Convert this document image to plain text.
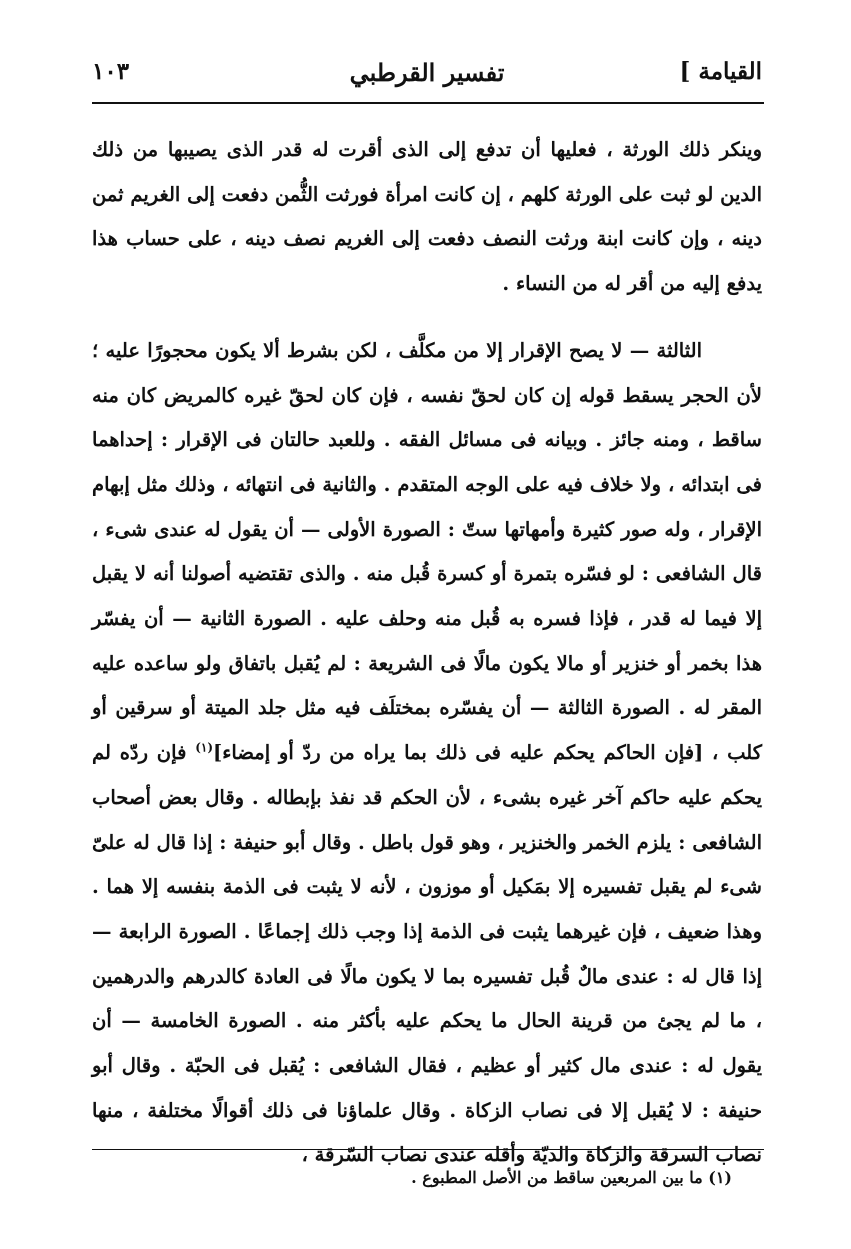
القيامة ]
تفسير القرطبي
١٠٣

وينكر ذلك الورثة ، فعليها أن تدفع إلى الذى أقرت له قدر الذى يصيبها من ذلك الدين لو ثبت على الورثة كلهم ، إن كانت امرأة فورثت الثُّمن دفعت إلى الغريم ثمن دينه ، وإن كانت ابنة ورثت النصف دفعت إلى الغريم نصف دينه ، على حساب هذا يدفع إليه من أقر له من النساء .

الثالثة — لا يصح الإقرار إلا من مكلَّف ، لكن بشرط ألا يكون محجورًا عليه ؛ لأن الحجر يسقط قوله إن كان لحقّ نفسه ، فإن كان لحقّ غيره كالمريض كان منه ساقط ، ومنه جائز . وبيانه فى مسائل الفقه . وللعبد حالتان فى الإقرار : إحداهما فى ابتدائه ، ولا خلاف فيه على الوجه المتقدم . والثانية فى انتهائه ، وذلك مثل إبهام الإقرار ، وله صور كثيرة وأمهاتها ستّ : الصورة الأولى — أن يقول له عندى شىء ، قال الشافعى : لو فسّره بتمرة أو كسرة قُبل منه . والذى تقتضيه أصولنا أنه لا يقبل إلا فيما له قدر ، فإذا فسره به قُبل منه وحلف عليه . الصورة الثانية — أن يفسّر هذا بخمر أو خنزير أو مالا يكون مالًا فى الشريعة : لم يُقبل باتفاق ولو ساعده عليه المقر له . الصورة الثالثة — أن يفسّره بمختلَف فيه مثل جلد الميتة أو سرقين أو كلب ، [فإن الحاكم يحكم عليه فى ذلك بما يراه من ردّ أو إمضاء]$^{(١)}$ فإن ردّه لم يحكم عليه حاكم آخر غيره بشىء ، لأن الحكم قد نفذ بإبطاله . وقال بعض أصحاب الشافعى : يلزم الخمر والخنزير ، وهو قول باطل . وقال أبو حنيفة : إذا قال له علىّ شىء لم يقبل تفسيره إلا بمَكيل أو موزون ، لأنه لا يثبت فى الذمة بنفسه إلا هما . وهذا ضعيف ، فإن غيرهما يثبت فى الذمة إذا وجب ذلك إجماعًا . الصورة الرابعة — إذا قال له : عندى مالٌ قُبل تفسيره بما لا يكون مالًا فى العادة كالدرهم والدرهمين ، ما لم يجئ من قرينة الحال ما يحكم عليه بأكثر منه . الصورة الخامسة — أن يقول له : عندى مال كثير أو عظيم ، فقال الشافعى : يُقبل فى الحبّة . وقال أبو حنيفة : لا يُقبل إلا فى نصاب الزكاة . وقال علماؤنا فى ذلك أقوالًا مختلفة ، منها نصاب السرقة والزكاة والديّة وأقله عندى نصاب السّرقة ،

(١) ما بين المربعين ساقط من الأصل المطبوع .
